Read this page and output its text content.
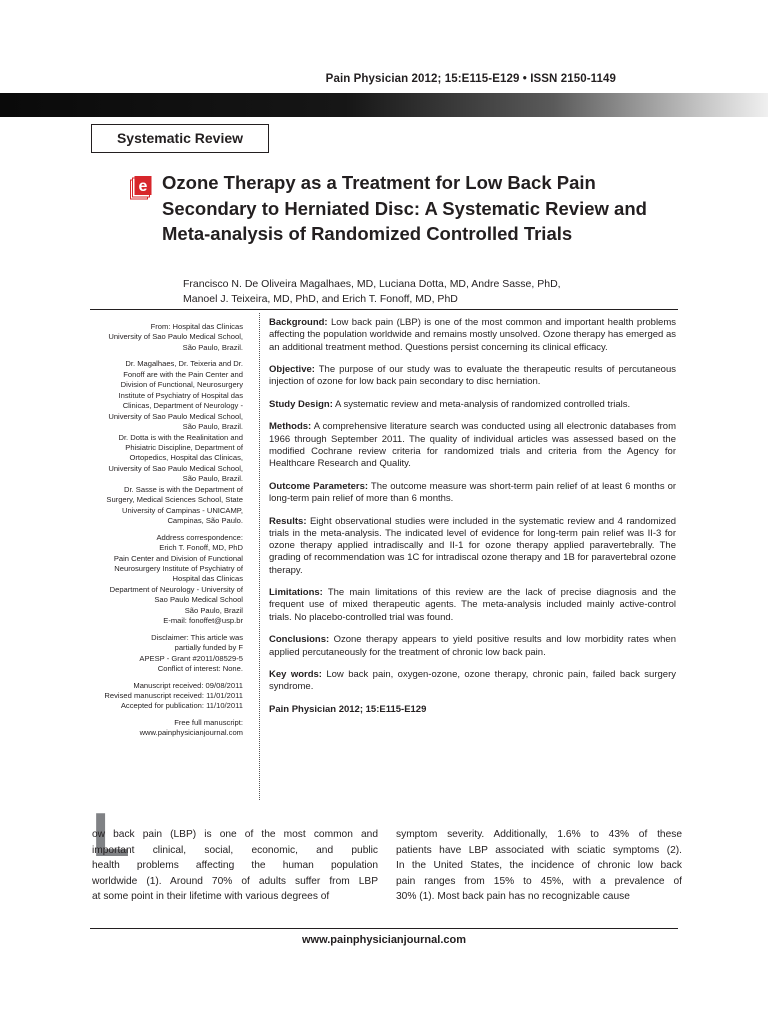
Pain Physician 2012; 15:E115-E129 • ISSN 2150-1149
Systematic Review
e Ozone Therapy as a Treatment for Low Back Pain Secondary to Herniated Disc: A Systematic Review and Meta-analysis of Randomized Controlled Trials

Francisco N. De Oliveira Magalhaes, MD, Luciana Dotta, MD, Andre Sasse, PhD,
Manoel J. Teixeira, MD, PhD, and Erich T. Fonoff, MD, PhD

From: Hospital das Clinicas
University of Sao Paulo Medical School,
São Paulo, Brazil.

Dr. Magalhaes, Dr. Teixeria and Dr.
Fonoff are with the Pain Center and
Division of Functional, Neurosurgery
Institute of Psychiatry of Hospital das
Clinicas, Department of Neurology -
University of Sao Paulo Medical School,
São Paulo, Brazil.
Dr. Dotta is with the Realinitation and
Phisiatric Discipline, Department of
Ortopedics, Hospital das Clinicas,
University of Sao Paulo Medical School,
São Paulo, Brazil.
Dr. Sasse is with the Department of
Surgery, Medical Sciences School, State
University of Campinas - UNICAMP,
Campinas, São Paulo.

Address correspondence:
Erich T. Fonoff, MD, PhD
Pain Center and Division of Functional
Neurosurgery Institute of Psychiatry of
Hospital das Clinicas
Department of Neurology - University of
Sao Paulo Medical School
São Paulo, Brazil
E-mail: fonoffet@usp.br

Disclaimer: This article was
partially funded by F
APESP - Grant #2011/08529-5
Conflict of interest: None.

Manuscript received: 09/08/2011
Revised manuscript received: 11/01/2011
Accepted for publication: 11/10/2011

Free full manuscript:
www.painphysicianjournal.com

Background: Low back pain (LBP) is one of the most common and important health problems affecting the population worldwide and remains mostly unsolved. Ozone therapy has emerged as an additional treatment method. Questions persist concerning its clinical efficacy.

Objective: The purpose of our study was to evaluate the therapeutic results of percutaneous injection of ozone for low back pain secondary to disc herniation.

Study Design: A systematic review and meta-analysis of randomized controlled trials.

Methods: A comprehensive literature search was conducted using all electronic databases from 1966 through September 2011. The quality of individual articles was assessed based on the modified Cochrane review criteria for randomized trials and criteria from the Agency for Healthcare Research and Quality.

Outcome Parameters: The outcome measure was short-term pain relief of at least 6 months or long-term pain relief of more than 6 months.

Results: Eight observational studies were included in the systematic review and 4 randomized trials in the meta-analysis. The indicated level of evidence for long-term pain relief was II-3 for ozone therapy applied intradiscally and II-1 for ozone therapy applied paravertebrally. The grading of recommendation was 1C for intradiscal ozone therapy and 1B for paravertebral ozone therapy.

Limitations: The main limitations of this review are the lack of precise diagnosis and the frequent use of mixed therapeutic agents. The meta-analysis included mainly active-control trials. No placebo-controlled trial was found.

Conclusions: Ozone therapy appears to yield positive results and low morbidity rates when applied percutaneously for the treatment of chronic low back pain.

Key words: Low back pain, oxygen-ozone, ozone therapy, chronic pain, failed back surgery syndrome.

Pain Physician 2012; 15:E115-E129

L
ow back pain (LBP) is one of the most common and
important clinical, social, economic, and public
health problems affecting the human population
worldwide (1). Around 70% of adults suffer from LBP
at some point in their lifetime with various degrees of
symptom severity. Additionally, 1.6% to 43% of these
patients have LBP associated with sciatic symptoms (2).
In the United States, the incidence of chronic low back
pain ranges from 15% to 45%, with a prevalence of
30% (1). Most back pain has no recognizable cause
www.painphysicianjournal.com
